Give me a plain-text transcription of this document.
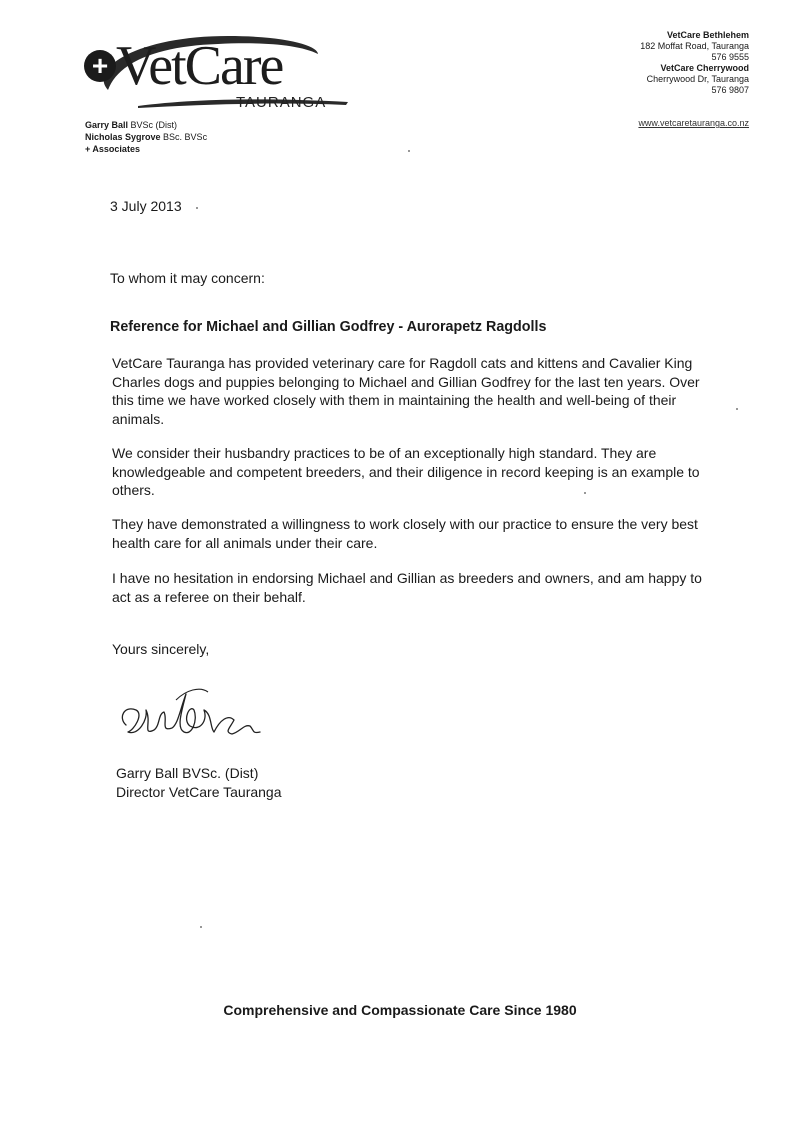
+ VetCare
TAURANGA
Garry Ball BVSc (Dist)
Nicholas Sygrove BSc. BVSc
+ Associates
VetCare Bethlehem
182 Moffat Road, Tauranga
576 9555
VetCare Cherrywood
Cherrywood Dr, Tauranga
576 9807
www.vetcaretauranga.co.nz
3 July 2013
To whom it may concern:
Reference for Michael and Gillian Godfrey - Aurorapetz Ragdolls
VetCare Tauranga has provided veterinary care for Ragdoll cats and kittens and Cavalier King Charles dogs and puppies belonging to Michael and Gillian Godfrey for the last ten years. Over this time we have worked closely with them in maintaining the health and well-being of their animals.
We consider their husbandry practices to be of an exceptionally high standard. They are knowledgeable and competent breeders, and their diligence in record keeping is an example to others.
They have demonstrated a willingness to work closely with our practice to ensure the very best health care for all animals under their care.
I have no hesitation in endorsing Michael and Gillian as breeders and owners, and am happy to act as a referee on their behalf.
Yours sincerely,
Garry Ball BVSc. (Dist)
Director VetCare Tauranga
Comprehensive and Compassionate Care Since 1980
